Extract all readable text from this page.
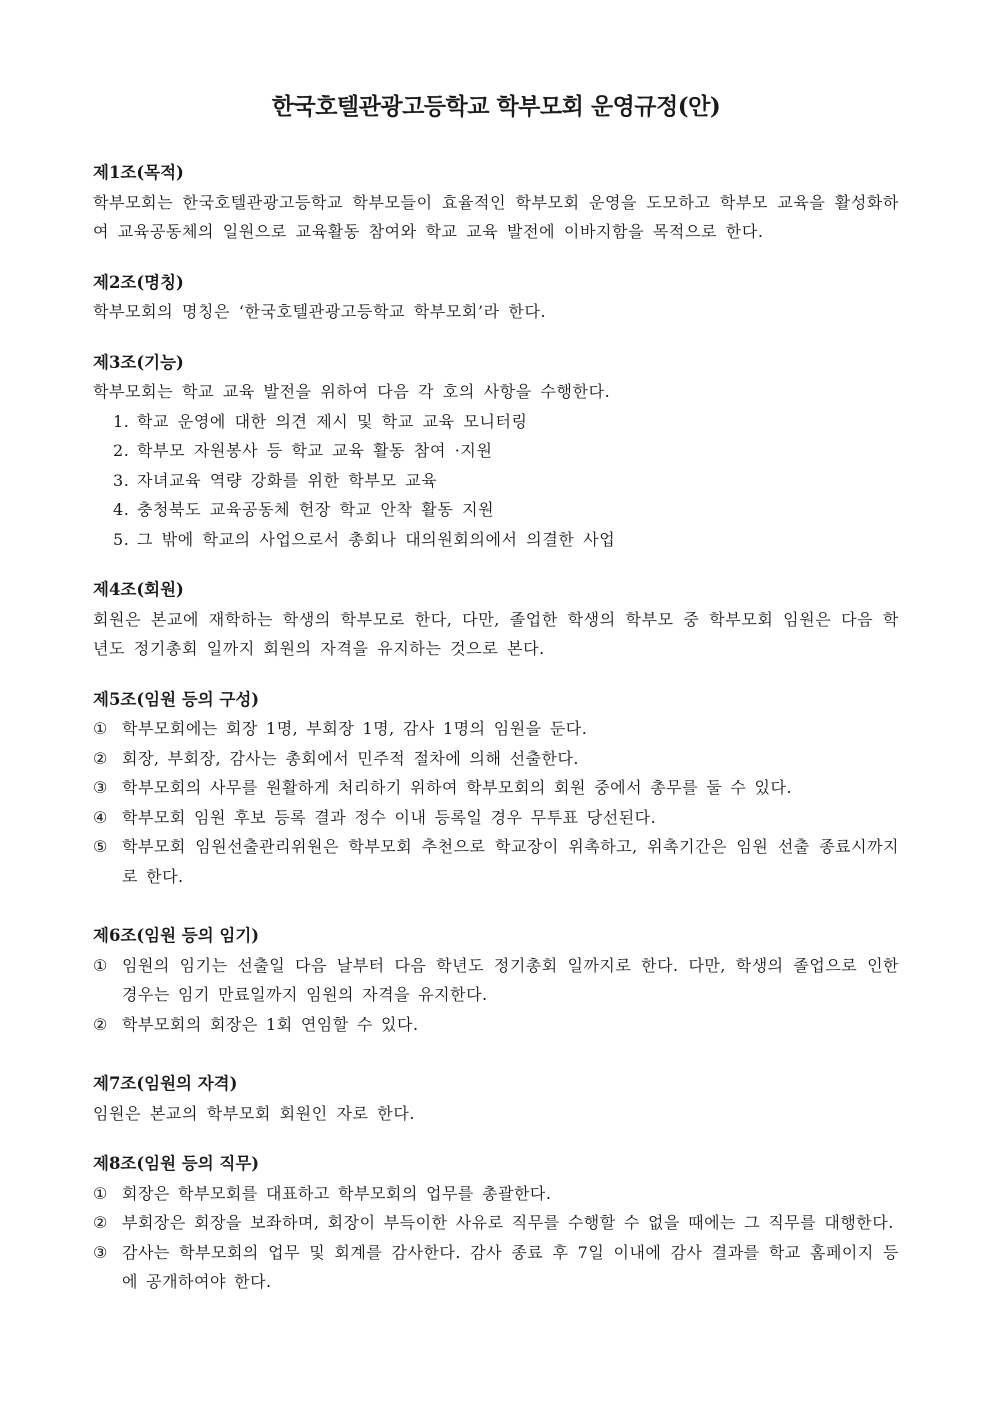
한국호텔관광고등학교 학부모회 운영규정(안)

제1조(목적)

학부모회는 한국호텔관광고등학교 학부모들이 효율적인 학부모회 운영을 도모하고 학부모 교육을 활성화하여 교육공동체의 일원으로 교육활동 참여와 학교 교육 발전에 이바지함을 목적으로 한다.

제2조(명칭)

학부모회의 명칭은 ‘한국호텔관광고등학교 학부모회’라 한다.

제3조(기능)

학부모회는 학교 교육 발전을 위하여 다음 각 호의 사항을 수행한다.

1. 학교 운영에 대한 의견 제시 및 학교 교육 모니터링
2. 학부모 자원봉사 등 학교 교육 활동 참여 ·지원
3. 자녀교육 역량 강화를 위한 학부모 교육
4. 충청북도 교육공동체 헌장 학교 안착 활동 지원
5. 그 밖에 학교의 사업으로서 총회나 대의원회의에서 의결한 사업

제4조(회원)

회원은 본교에 재학하는 학생의 학부모로 한다, 다만, 졸업한 학생의 학부모 중 학부모회 임원은 다음 학년도 정기총회 일까지 회원의 자격을 유지하는 것으로 본다.

제5조(임원 등의 구성)

① 학부모회에는 회장 1명, 부회장 1명, 감사 1명의 임원을 둔다.
② 회장, 부회장, 감사는 총회에서 민주적 절차에 의해 선출한다.
③ 학부모회의 사무를 원활하게 처리하기 위하여 학부모회의 회원 중에서 총무를 둘 수 있다.
④ 학부모회 임원 후보 등록 결과 정수 이내 등록일 경우 무투표 당선된다.
⑤ 학부모회 임원선출관리위원은 학부모회 추천으로 학교장이 위촉하고, 위촉기간은 임원 선출 종료시까지로 한다.

제6조(임원 등의 임기)

① 임원의 임기는 선출일 다음 날부터 다음 학년도 정기총회 일까지로 한다. 다만, 학생의 졸업으로 인한 경우는 임기 만료일까지 임원의 자격을 유지한다.
② 학부모회의 회장은 1회 연임할 수 있다.

제7조(임원의 자격)

임원은 본교의 학부모회 회원인 자로 한다.

제8조(임원 등의 직무)

① 회장은 학부모회를 대표하고 학부모회의 업무를 총괄한다.
② 부회장은 회장을 보좌하며, 회장이 부득이한 사유로 직무를 수행할 수 없을 때에는 그 직무를 대행한다.
③ 감사는 학부모회의 업무 및 회계를 감사한다. 감사 종료 후 7일 이내에 감사 결과를 학교 홈페이지 등에 공개하여야 한다.
